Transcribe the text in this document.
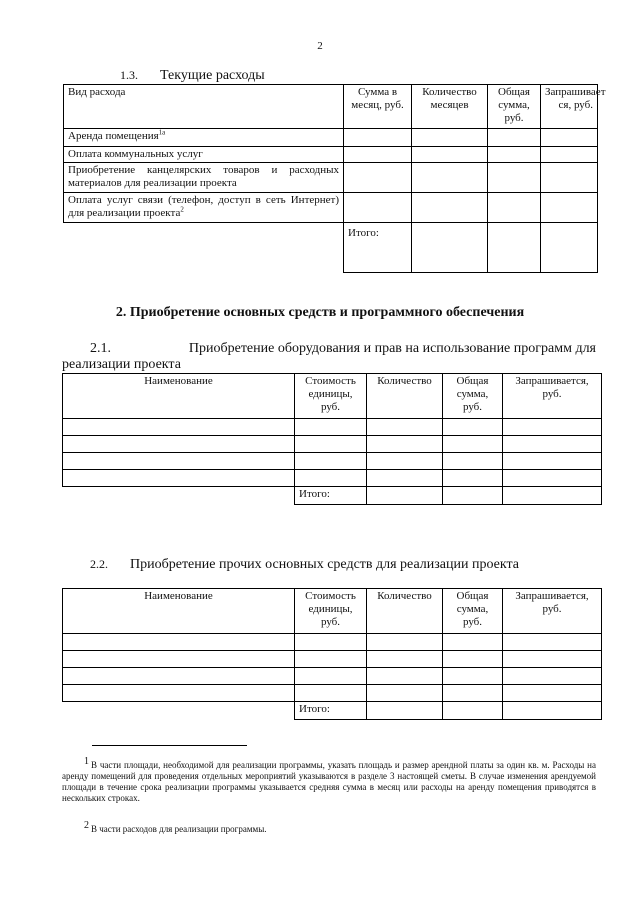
2
1.3. Текущие расходы
Вид расхода	Сумма в месяц, руб.	Количество месяцев	Общая сумма, руб.	Запрашивает ся, руб.
Аренда помещения$^{1а}$				
Оплата коммунальных услуг				
Приобретение канцелярских товаров и расходных материалов для реализации проекта				
Оплата услуг связи (телефон, доступ в сеть Интернет) для реализации проекта$^2$				
	Итого:			
2. Приобретение основных средств и программного обеспечения
2.1.	Приобретение оборудования и прав на использование программ для
реализации проекта
Наименование	Стоимость единицы, руб.	Количество	Общая сумма, руб.	Запрашивается, руб.

	Итого:			
2.2. Приобретение прочих основных средств для реализации проекта
Наименование	Стоимость единицы, руб.	Количество	Общая сумма, руб.	Запрашивается, руб.

	Итого:			
1 В части площади, необходимой для реализации программы, указать площадь и размер арендной платы за один кв. м. Расходы на аренду помещений для проведения отдельных мероприятий указываются в разделе 3 настоящей сметы. В случае изменения арендуемой площади в течение срока реализации программы указывается средняя сумма в месяц или расходы на аренду помещения приводятся в нескольких строках.
2 В части расходов для реализации программы.
